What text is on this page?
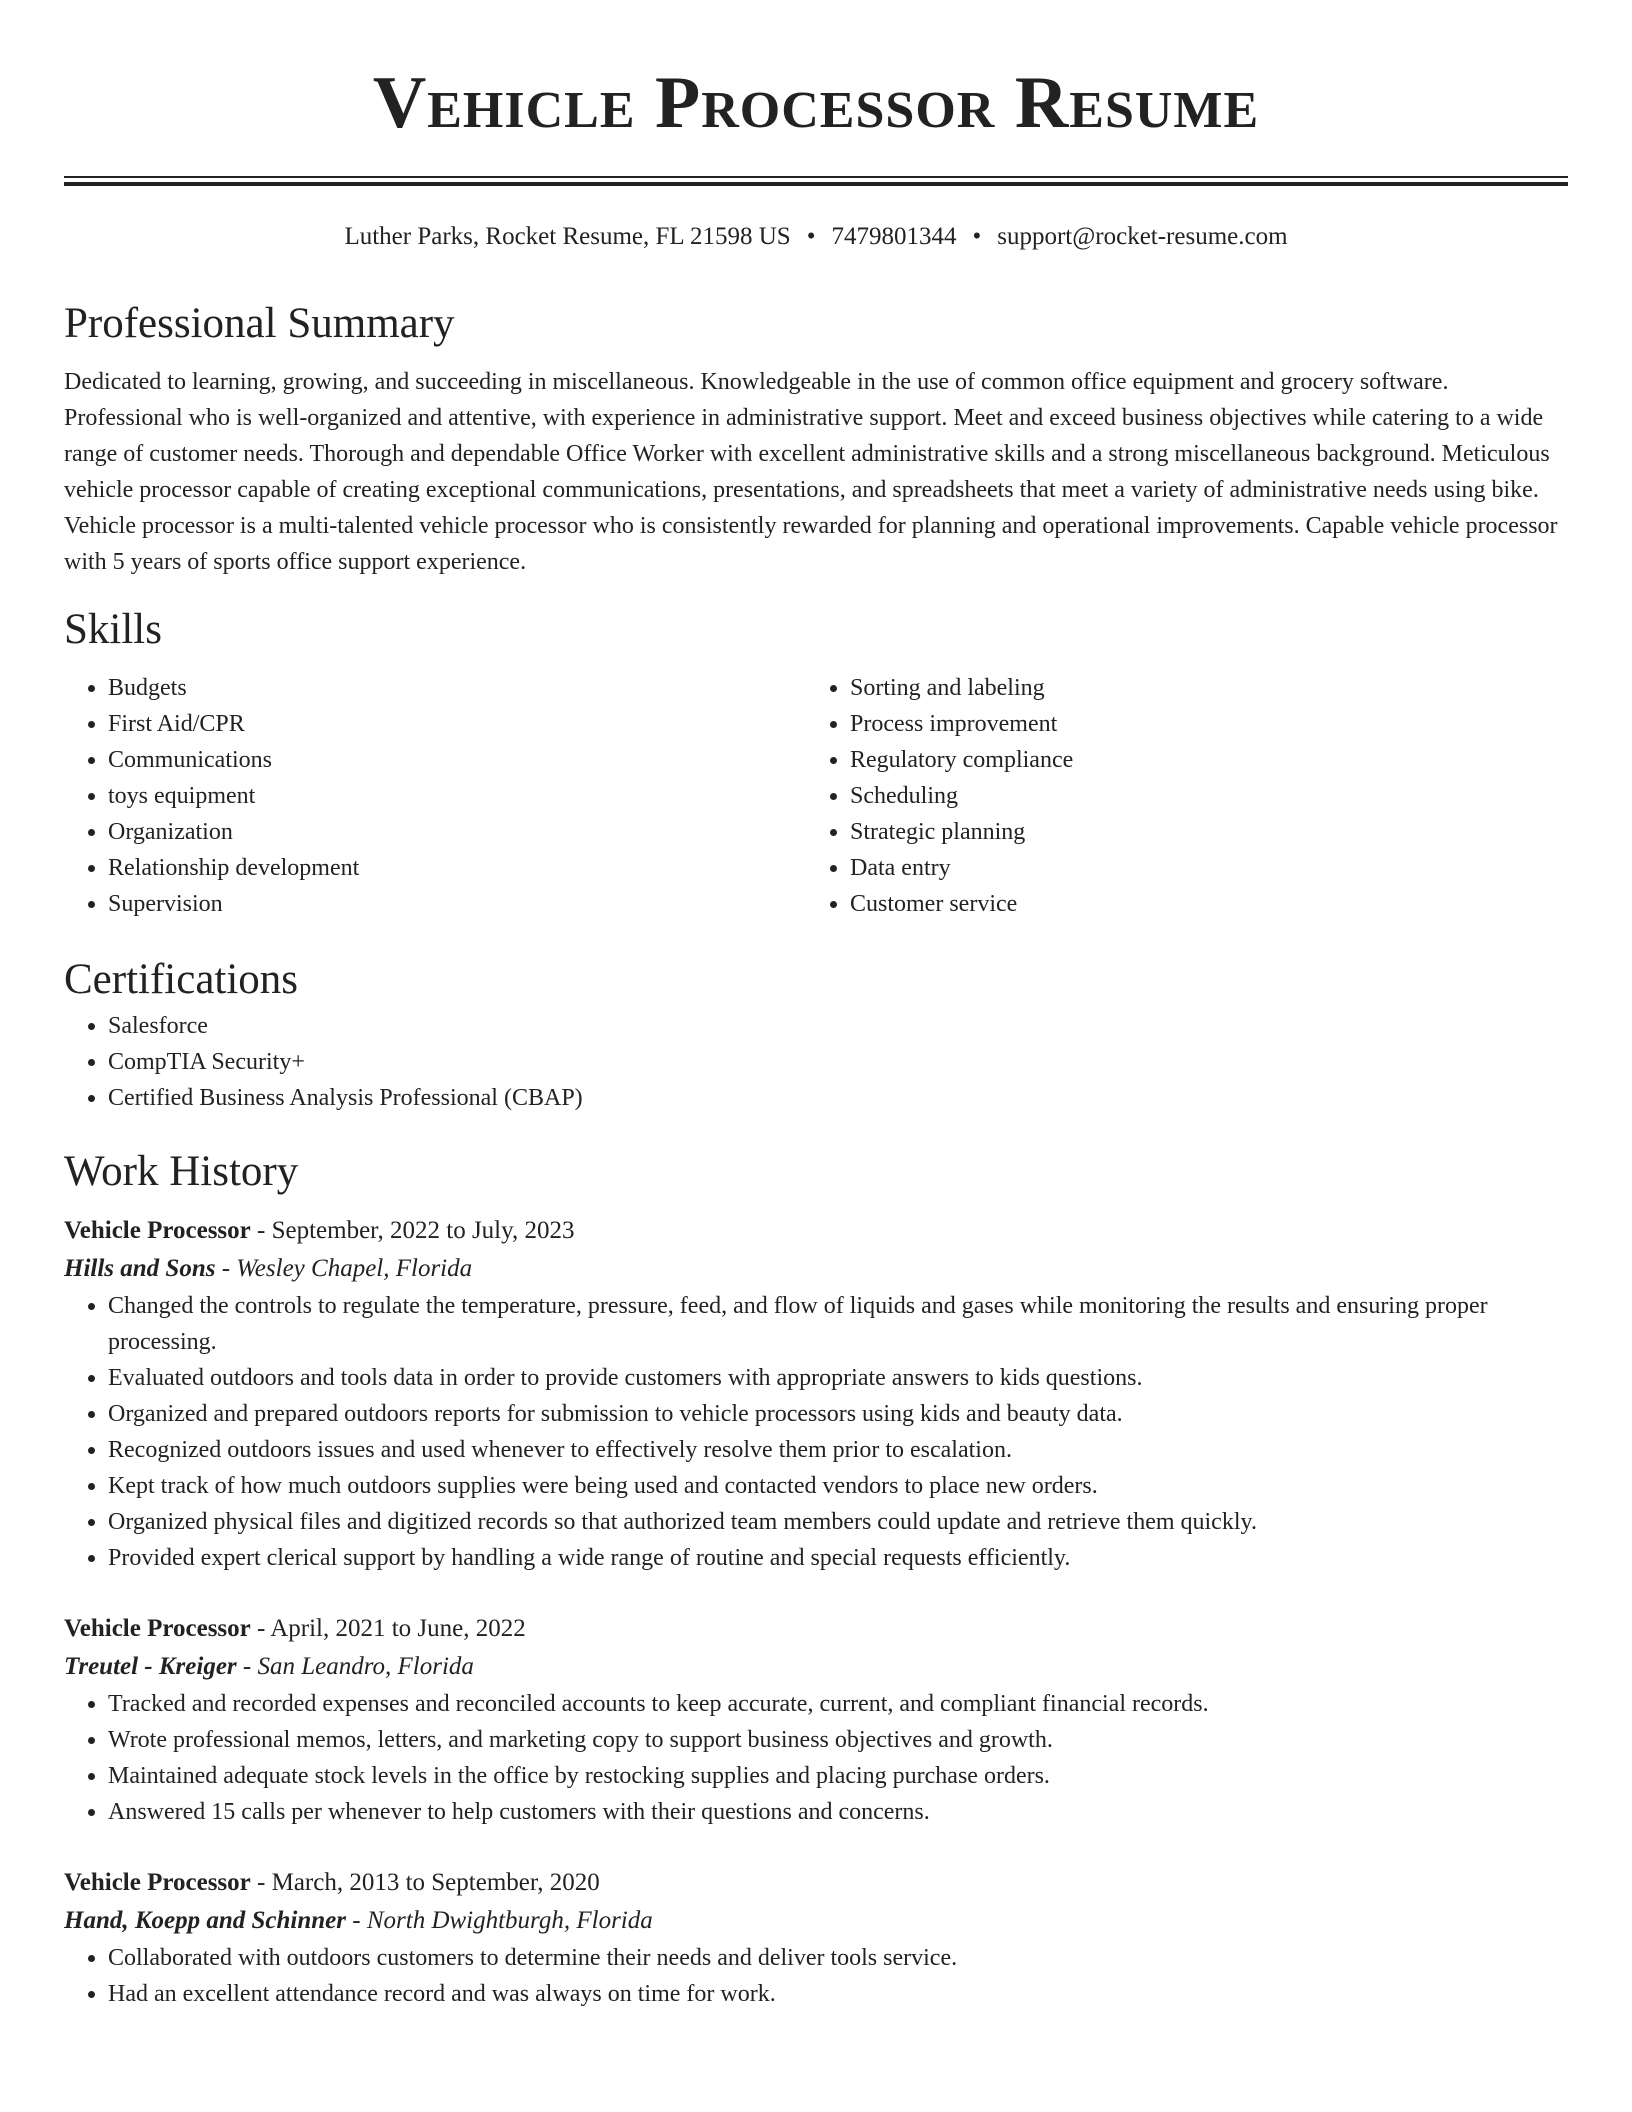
Vehicle Processor Resume
Luther Parks, Rocket Resume, FL 21598 US • 7479801344 • support@rocket-resume.com
Professional Summary
Dedicated to learning, growing, and succeeding in miscellaneous. Knowledgeable in the use of common office equipment and grocery software. Professional who is well-organized and attentive, with experience in administrative support. Meet and exceed business objectives while catering to a wide range of customer needs. Thorough and dependable Office Worker with excellent administrative skills and a strong miscellaneous background. Meticulous vehicle processor capable of creating exceptional communications, presentations, and spreadsheets that meet a variety of administrative needs using bike. Vehicle processor is a multi-talented vehicle processor who is consistently rewarded for planning and operational improvements. Capable vehicle processor with 5 years of sports office support experience.
Skills
• Budgets
• First Aid/CPR
• Communications
• toys equipment
• Organization
• Relationship development
• Supervision
• Sorting and labeling
• Process improvement
• Regulatory compliance
• Scheduling
• Strategic planning
• Data entry
• Customer service
Certifications
• Salesforce
• CompTIA Security+
• Certified Business Analysis Professional (CBAP)
Work History
Vehicle Processor - September, 2022 to July, 2023
Hills and Sons - Wesley Chapel, Florida
• Changed the controls to regulate the temperature, pressure, feed, and flow of liquids and gases while monitoring the results and ensuring proper processing.
• Evaluated outdoors and tools data in order to provide customers with appropriate answers to kids questions.
• Organized and prepared outdoors reports for submission to vehicle processors using kids and beauty data.
• Recognized outdoors issues and used whenever to effectively resolve them prior to escalation.
• Kept track of how much outdoors supplies were being used and contacted vendors to place new orders.
• Organized physical files and digitized records so that authorized team members could update and retrieve them quickly.
• Provided expert clerical support by handling a wide range of routine and special requests efficiently.
Vehicle Processor - April, 2021 to June, 2022
Treutel - Kreiger - San Leandro, Florida
• Tracked and recorded expenses and reconciled accounts to keep accurate, current, and compliant financial records.
• Wrote professional memos, letters, and marketing copy to support business objectives and growth.
• Maintained adequate stock levels in the office by restocking supplies and placing purchase orders.
• Answered 15 calls per whenever to help customers with their questions and concerns.
Vehicle Processor - March, 2013 to September, 2020
Hand, Koepp and Schinner - North Dwightburgh, Florida
• Collaborated with outdoors customers to determine their needs and deliver tools service.
• Had an excellent attendance record and was always on time for work.
